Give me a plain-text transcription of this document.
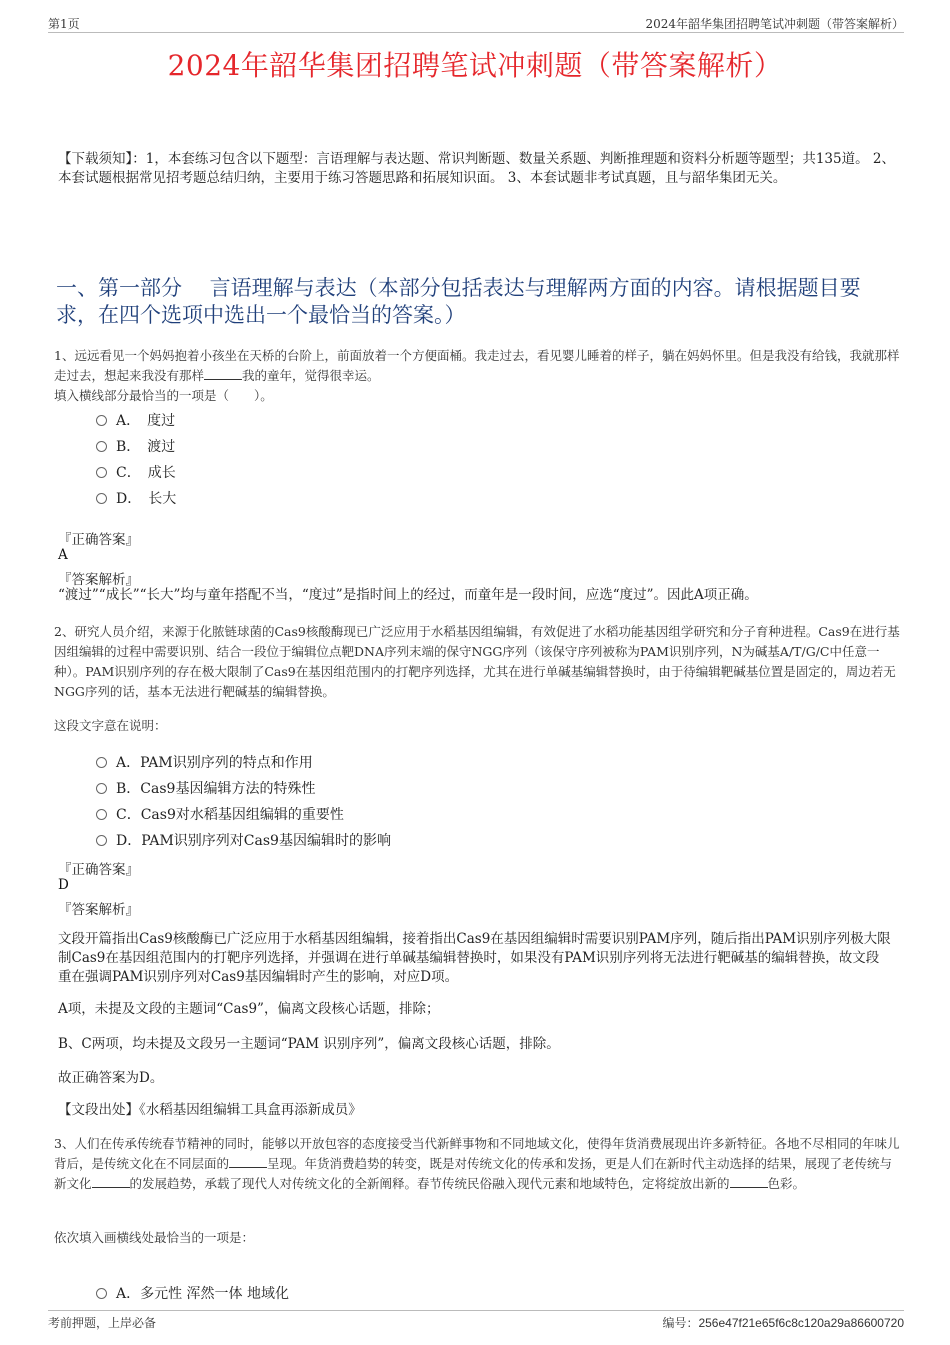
第1页	2024年韶华集团招聘笔试冲刺题（带答案解析）
2024年韶华集团招聘笔试冲刺题（带答案解析）
【下载须知】：1，本套练习包含以下题型：言语理解与表达题、常识判断题、数量关系题、判断推理题和资料分析题等题型；共135道。 2、本套试题根据常见招考题总结归纳，主要用于练习答题思路和拓展知识面。 3、本套试题非考试真题，且与韶华集团无关。
一、第一部分　 言语理解与表达（本部分包括表达与理解两方面的内容。请根据题目要求，在四个选项中选出一个最恰当的答案。）
1、远远看见一个妈妈抱着小孩坐在天桥的台阶上，前面放着一个方便面桶。我走过去，看见婴儿睡着的样子，躺在妈妈怀里。但是我没有给钱，我就那样走过去，想起来我没有那样	我的童年，觉得很幸运。
填入横线部分最恰当的一项是（　　）。
A．　度过
B．　渡过
C．　成长
D．　长大
『正确答案』
A
『答案解析』
“渡过”“成长”“长大”均与童年搭配不当，“度过”是指时间上的经过，而童年是一段时间，应选“度过”。因此A项正确。
2、研究人员介绍，来源于化脓链球菌的Cas9核酸酶现已广泛应用于水稻基因组编辑，有效促进了水稻功能基因组学研究和分子育种进程。Cas9在进行基因组编辑的过程中需要识别、结合一段位于编辑位点靶DNA序列末端的保守NGG序列（该保守序列被称为PAM识别序列，N为碱基A/T/G/C中任意一种）。PAM识别序列的存在极大限制了Cas9在基因组范围内的打靶序列选择，尤其在进行单碱基编辑替换时，由于待编辑靶碱基位置是固定的，周边若无NGG序列的话，基本无法进行靶碱基的编辑替换。
这段文字意在说明：
A．PAM识别序列的特点和作用
B．Cas9基因编辑方法的特殊性
C．Cas9对水稻基因组编辑的重要性
D．PAM识别序列对Cas9基因编辑时的影响
『正确答案』
D
『答案解析』
文段开篇指出Cas9核酸酶已广泛应用于水稻基因组编辑，接着指出Cas9在基因组编辑时需要识别PAM序列，随后指出PAM识别序列极大限制Cas9在基因组范围内的打靶序列选择，并强调在进行单碱基编辑替换时，如果没有PAM识别序列将无法进行靶碱基的编辑替换，故文段重在强调PAM识别序列对Cas9基因编辑时产生的影响，对应D项。
A项，未提及文段的主题词“Cas9”，偏离文段核心话题，排除；
B、C两项，均未提及文段另一主题词“PAM 识别序列”，偏离文段核心话题，排除。
故正确答案为D。
【文段出处】《水稻基因组编辑工具盒再添新成员》
3、人们在传承传统春节精神的同时，能够以开放包容的态度接受当代新鲜事物和不同地域文化，使得年货消费展现出许多新特征。各地不尽相同的年味儿背后，是传统文化在不同层面的	呈现。年货消费趋势的转变，既是对传统文化的传承和发扬，更是人们在新时代主动选择的结果，展现了老传统与新文化	的发展趋势，承载了现代人对传统文化的全新阐释。春节传统民俗融入现代元素和地域特色，定将绽放出新的	色彩。
依次填入画横线处最恰当的一项是：
A．多元性 浑然一体 地域化
考前押题，上岸必备	编号：256e47f21e65f6c8c120a29a86600720
